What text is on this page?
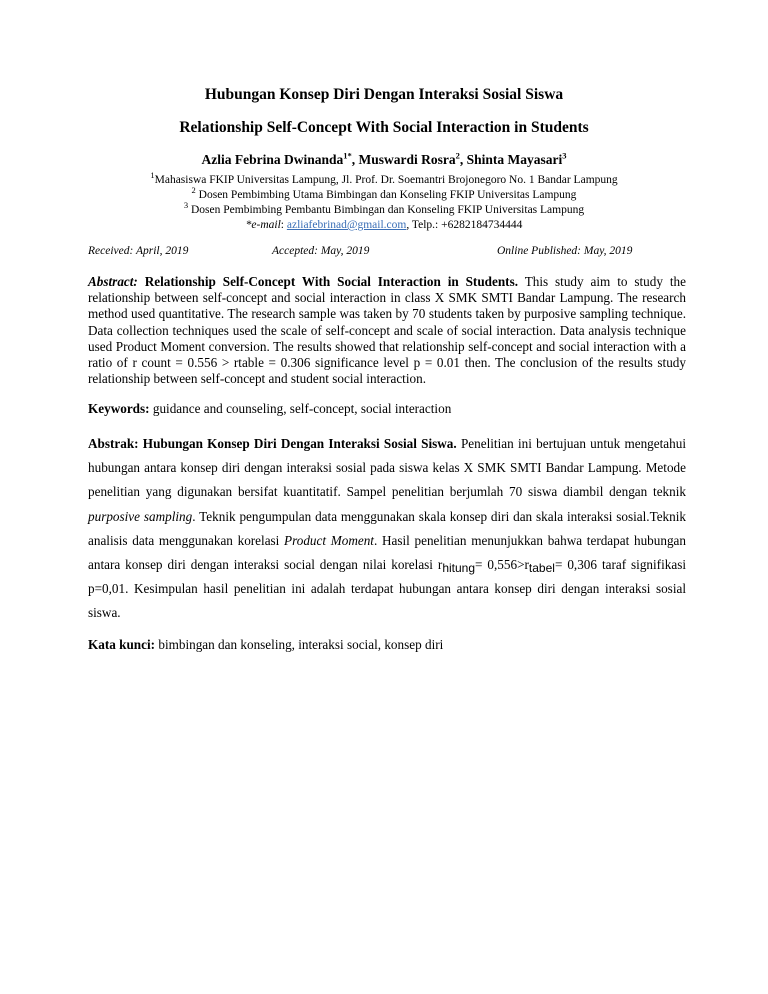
Hubungan Konsep Diri Dengan Interaksi Sosial Siswa
Relationship Self-Concept With Social Interaction in Students
Azlia Febrina Dwinanda$^{1*}$, Muswardi Rosra$^2$, Shinta Mayasari$^3$
$^1$Mahasiswa FKIP Universitas Lampung, Jl. Prof. Dr. Soemantri Brojonegoro No. 1 Bandar Lampung
$^2$ Dosen Pembimbing Utama Bimbingan dan Konseling FKIP Universitas Lampung
$^3$ Dosen Pembimbing Pembantu Bimbingan dan Konseling FKIP Universitas Lampung
*e-mail: azliafebrinad@gmail.com, Telp.: +6282184734444
Received: April, 2019	Accepted: May, 2019	Online Published: May, 2019
Abstract: Relationship Self-Concept With Social Interaction in Students. This study aim to study the relationship between self-concept and social interaction in class X SMK SMTI Bandar Lampung. The research method used quantitative. The research sample was taken by 70 students taken by purposive sampling technique. Data collection techniques used the scale of self-concept and scale of social interaction. Data analysis technique used Product Moment conversion. The results showed that relationship self-concept and social interaction with a ratio of r count = 0.556 > rtable = 0.306 significance level p = 0.01 then. The conclusion of the results study relationship between self-concept and student social interaction.
Keywords: guidance and counseling, self-concept, social interaction
Abstrak: Hubungan Konsep Diri Dengan Interaksi Sosial Siswa. Penelitian ini bertujuan untuk mengetahui hubungan antara konsep diri dengan interaksi sosial pada siswa kelas X SMK SMTI Bandar Lampung. Metode penelitian yang digunakan bersifat kuantitatif. Sampel penelitian berjumlah 70 siswa diambil dengan teknik purposive sampling. Teknik pengumpulan data menggunakan skala konsep diri dan skala interaksi sosial.Teknik analisis data menggunakan korelasi Product Moment. Hasil penelitian menunjukkan bahwa terdapat hubungan antara konsep diri dengan interaksi social dengan nilai korelasi rhitung= 0,556>rtabel= 0,306 taraf signifikasi p=0,01. Kesimpulan hasil penelitian ini adalah terdapat hubungan antara konsep diri dengan interaksi sosial siswa.
Kata kunci: bimbingan dan konseling, interaksi social, konsep diri
